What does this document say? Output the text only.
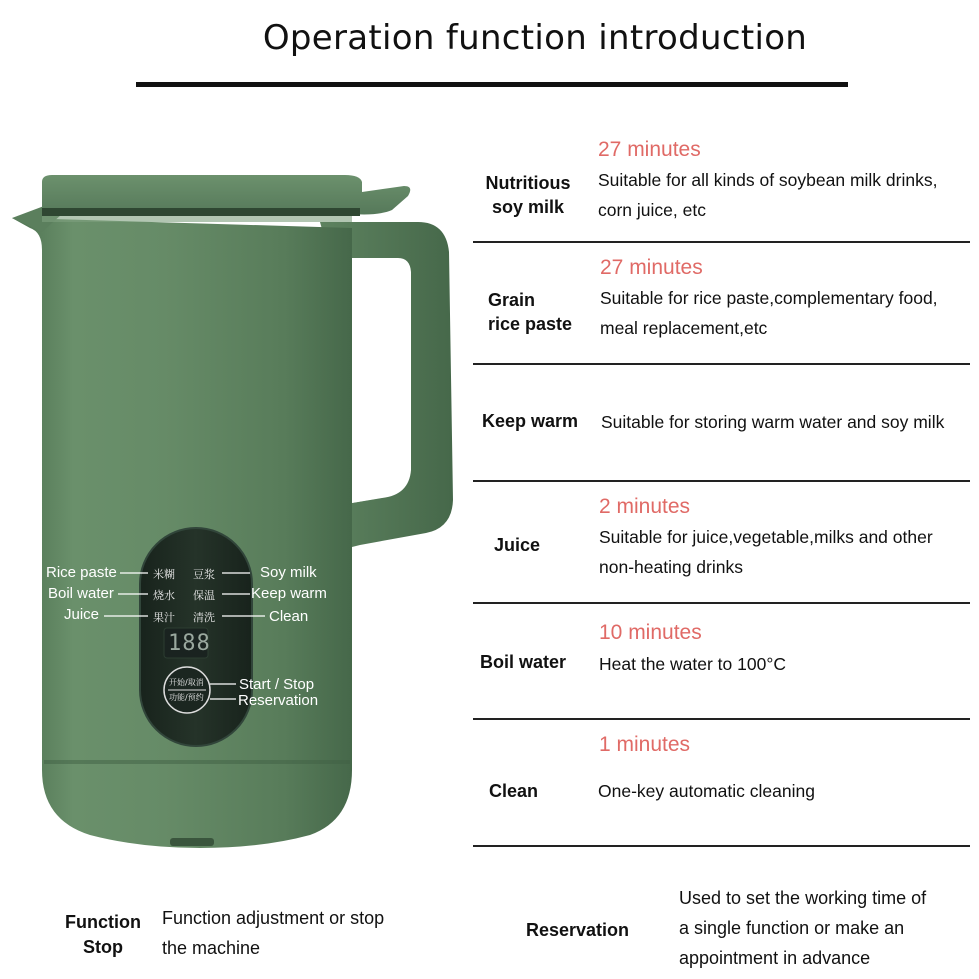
Operation function introduction
Rice paste
Boil water
Juice
Soy milk
Keep warm
Clean
米糊
烧水
果汁
豆浆
保温
清洗
188
开始/取消
功能/预约
Start / Stop
Reservation
Nutritious
soy milk
27 minutes
Suitable for all kinds of soybean milk drinks,
corn juice, etc
Grain
rice paste
27 minutes
Suitable for rice paste,complementary food,
meal replacement,etc
Keep warm	Suitable for storing warm water and soy milk
Juice
2 minutes
Suitable for juice,vegetable,milks and other
non-heating drinks
Boil water
10 minutes
Heat the water to 100°C
Clean
1 minutes
One-key automatic cleaning
Function
Stop
Function adjustment or stop
the machine
Reservation
Used to set the working time of
a single function or make an
appointment in advance
